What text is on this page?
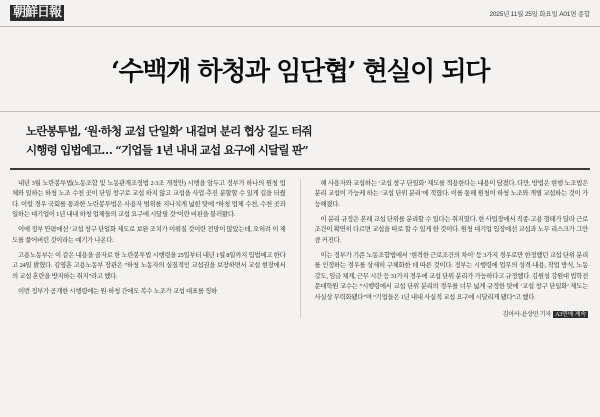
朝鮮日報	2025년 11월 25일 화요일 A01면 종합
‘수백개 하청과 임단협’ 현실이 되다
노란봉투법, ‘원·하청 교섭 단일화’ 내걸며 분리 협상 길도 터줘
시행령 입법예고… “기업들 1년 내내 교섭 요구에 시달릴 판”

내년 3월 노란봉투법(노동조합 및 노동관계조정법 2·3조 개정안) 시행을 앞두고 정부가 하나의 원청 업체와 일하는 하청 노조 수천 곳이 단일 창구로 교섭 하지 않고 교섭을 사업·추진 분할할 수 있게 길을 터줬다. 이럴 경우 국회를 통과한 노란봉투법은 사용자 범위를 지나치게 넓힌 탓에 “하청 업체 수천, 수천 곳과 일하는 대기업이 1년 내내 하청 업체들의 교섭 요구에 시달릴 것”이란 비판을 불러왔다.

이에 정부 안팎에선 ‘교섭 창구 단일화 제도로 보완 조치가 이뤄질 것이란 전망이 많았는데, 오히려 이 제도를 풀어버린 것이라는 얘기가 나온다.

고용노동부는 이 같은 내용을 골자로 한 노란봉투법 시행령을 25일부터 내년 1월 8일까지 입법예고 한다고 24일 밝혔다. 김영훈 고용노동부 장관은 “하청 노동자의 실질적인 교섭권을 보장하면서 교섭 현장에서의 교섭 혼란을 방지하는 취지”라고 했다.

이번 정부가 공개한 시행령에는 원·하청 간에도 복수 노조가 교섭 대표를 정하

해 사용자와 교섭하는 ‘교섭 창구 단일화’ 제도를 적용한다는 내용이 담겼다. 다만, 방법은 현행 노조법은 분리 교섭이 가능케 하는 ‘교섭 단위 분리’에 적혔다. 이를 통해 원청이 하청 노조와 개별 교섭하는 것이 가능해졌다.

이 분리 규정은 본래 교섭 단위를 분리할 수 있다는 취지였다. 한 사업장에서 직종·고용 형태가 달라 근로 조건이 확연히 다르면 교섭을 따로 할 수 있게 한 것이다. 원청 대기업 입장에선 교섭과 노무 리스크가 그만큼 커진다.

이는 정부가 기존 노동조합법에서 ‘현격한 근로조건의 차이’ 등 3가지 경우로만 한정했던 교섭 단위 분리를 인정하는 경우를 상세히 구체화한 데 따른 것이다. 정부는 시행령에 업무의 성격·내용, 작업 방식, 노동 강도, 임금 체계, 근무 시간 등 31가지 경우에 교섭 단위 분리가 가능하다고 규정했다. 김원성 강원대 법학전문대학원 교수는 “시행령에서 교섭 단위 분리의 경우를 너무 넓게 규정한 탓에 ‘교섭 창구 단일화’ 제도는 사실상 무력화됐다”며 “기업들은 1년 내내 사실적 교섭 요구에 시달리게 됐다”고 했다.

김아사·윤상민 기자 A3면에 계속
